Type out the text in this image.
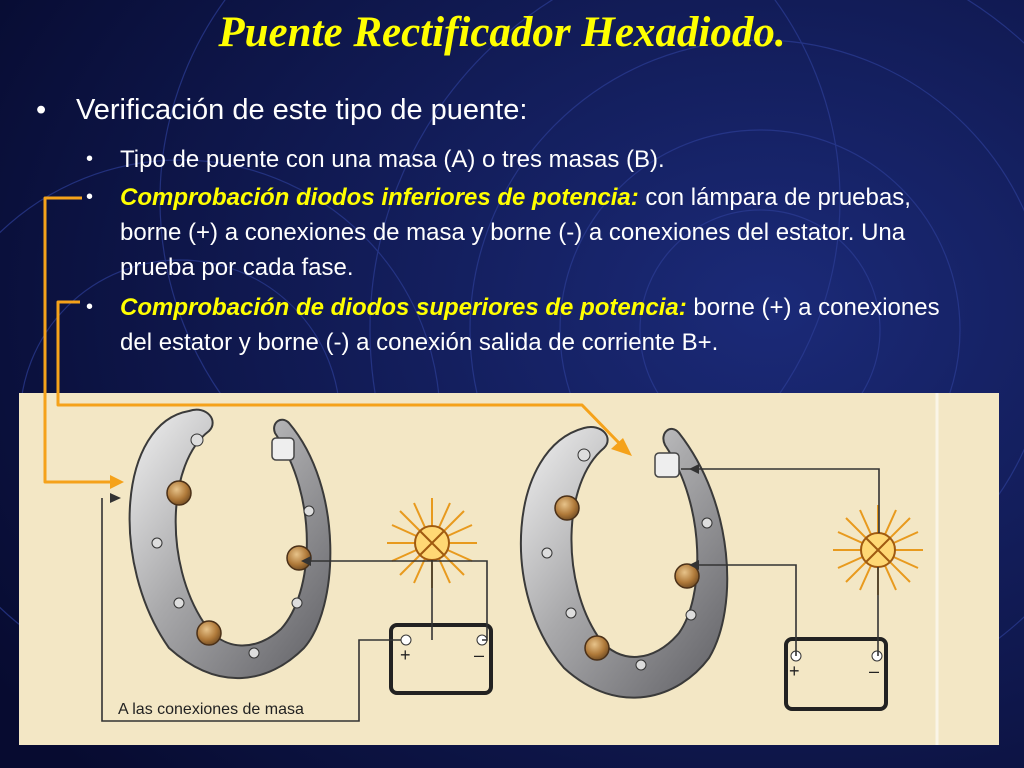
Puente Rectificador Hexadiodo.
• Verificación de este tipo de puente:
• Tipo de puente con una masa (A) o tres masas (B).
• Comprobación diodos inferiores de potencia: con lámpara de pruebas, borne (+) a conexiones de masa y borne (-) a conexiones del estator. Una prueba por cada fase.
• Comprobación de diodos superiores de potencia: borne (+) a conexiones del estator y borne (-) a conexión salida de corriente B+.
+	–
+	–
A las conexiones de masa
